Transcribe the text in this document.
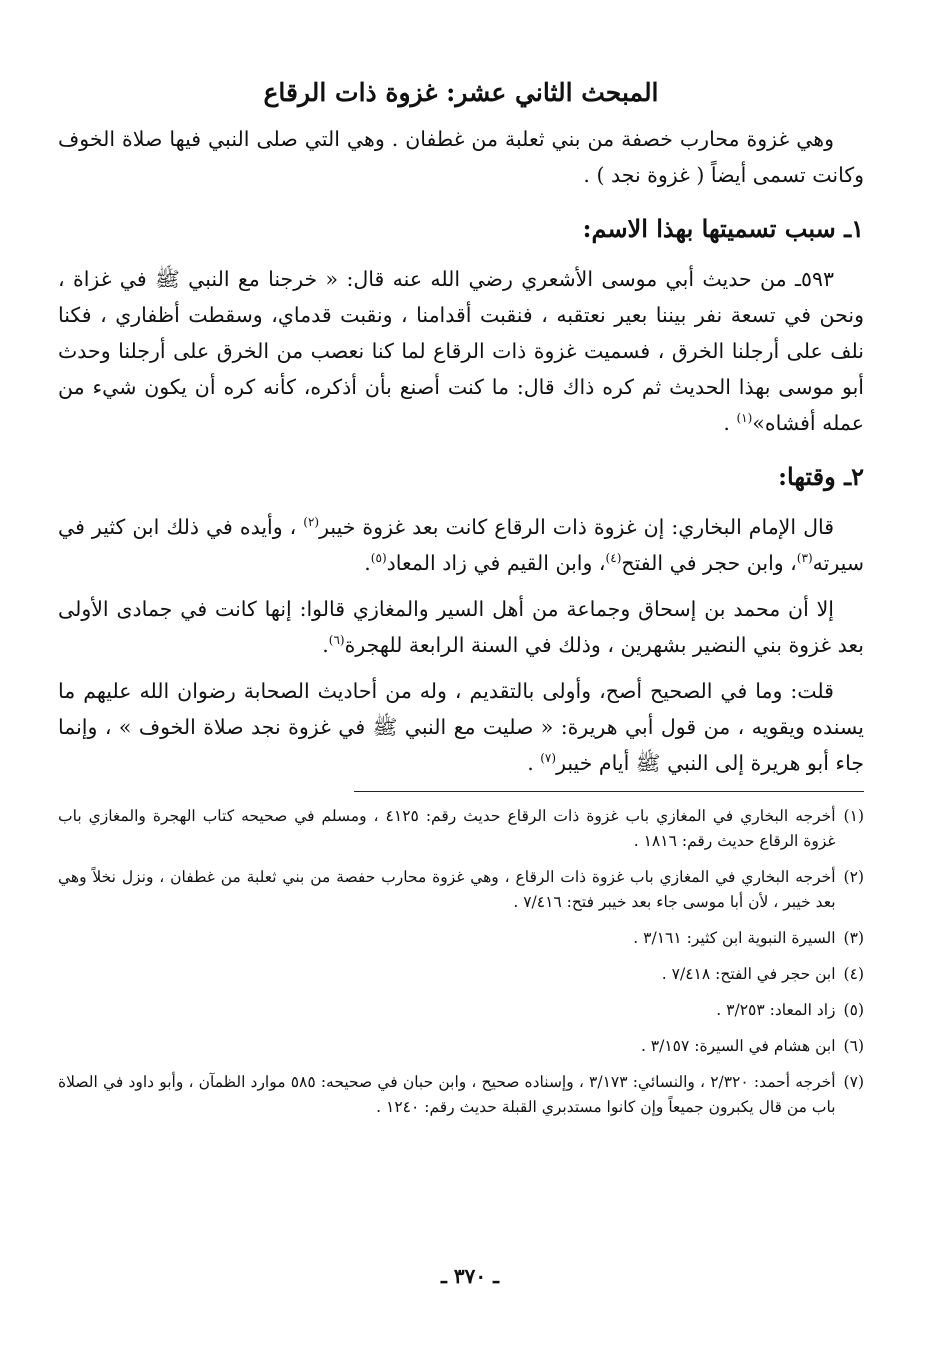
المبحث الثاني عشر: غزوة ذات الرقاع

وهي غزوة محارب خصفة من بني ثعلبة من غطفان . وهي التي صلى النبي فيها صلاة الخوف وكانت تسمى أيضاً ( غزوة نجد ) .

١ـ سبب تسميتها بهذا الاسم:

٥٩٣ـ من حديث أبي موسى الأشعري رضي الله عنه قال: « خرجنا مع النبي ﷺ في غزاة ، ونحن في تسعة نفر بيننا بعير نعتقبه ، فنقبت أقدامنا ، ونقبت قدماي، وسقطت أظفاري ، فكنا نلف على أرجلنا الخرق ، فسميت غزوة ذات الرقاع لما كنا نعصب من الخرق على أرجلنا وحدث أبو موسى بهذا الحديث ثم كره ذاك قال: ما كنت أصنع بأن أذكره، كأنه كره أن يكون شيء من عمله أفشاه»$^{(١)}$ .

٢ـ وقتها:

قال الإمام البخاري: إن غزوة ذات الرقاع كانت بعد غزوة خيبر$^{(٢)}$ ، وأيده في ذلك ابن كثير في سيرته$^{(٣)}$، وابن حجر في الفتح$^{(٤)}$، وابن القيم في زاد المعاد$^{(٥)}$.

إلا أن محمد بن إسحاق وجماعة من أهل السير والمغازي قالوا: إنها كانت في جمادى الأولى بعد غزوة بني النضير بشهرين ، وذلك في السنة الرابعة للهجرة$^{(٦)}$.

قلت: وما في الصحيح أصح، وأولى بالتقديم ، وله من أحاديث الصحابة رضوان الله عليهم ما يسنده ويقويه ، من قول أبي هريرة: « صليت مع النبي ﷺ في غزوة نجد صلاة الخوف » ، وإنما جاء أبو هريرة إلى النبي ﷺ أيام خيبر$^{(٧)}$ .

(١)
أخرجه البخاري في المغازي باب غزوة ذات الرقاع حديث رقم: ٤١٢٥ ، ومسلم في صحيحه كتاب الهجرة والمغازي باب غزوة الرقاع حديث رقم: ١٨١٦ .
(٢)
أخرجه البخاري في المغازي باب غزوة ذات الرقاع ، وهي غزوة محارب حفصة من بني ثعلبة من غطفان ، ونزل نخلاً وهي بعد خيبر ، لأن أبا موسى جاء بعد خيبر فتح: ٧/٤١٦ .
(٣)
السيرة النبوية ابن كثير: ٣/١٦١ .
(٤)
ابن حجر في الفتح: ٧/٤١٨ .
(٥)
زاد المعاد: ٣/٢٥٣ .
(٦)
ابن هشام في السيرة: ٣/١٥٧ .
(٧)
أخرجه أحمد: ٢/٣٢٠ ، والنسائي: ٣/١٧٣ ، وإسناده صحيح ، وابن حبان في صحيحه: ٥٨٥ موارد الظمآن ، وأبو داود في الصلاة باب من قال يكبرون جميعاً وإن كانوا مستدبري القبلة حديث رقم: ١٢٤٠ .
ـ ٣٧٠ ـ
